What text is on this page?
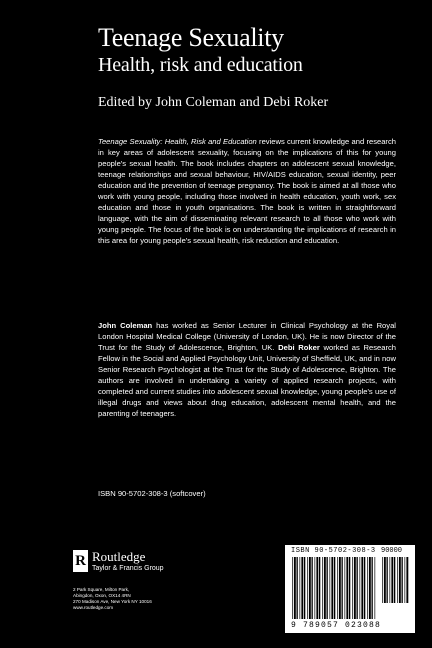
Teenage Sexuality
Health, risk and education
Edited by John Coleman and Debi Roker

Teenage Sexuality: Health, Risk and Education reviews current knowledge and research in key areas of adolescent sexuality, focusing on the implications of this for young people's sexual health. The book includes chapters on adolescent sexual knowledge, teenage relationships and sexual behaviour, HIV/AIDS education, sexual identity, peer education and the prevention of teenage pregnancy. The book is aimed at all those who work with young people, including those involved in health education, youth work, sex education and those in youth organisations. The book is written in straightforward language, with the aim of disseminating relevant research to all those who work with young people. The focus of the book is on understanding the implications of research in this area for young people's sexual health, risk reduction and education.

John Coleman has worked as Senior Lecturer in Clinical Psychology at the Royal London Hospital Medical College (University of London, UK). He is now Director of the Trust for the Study of Adolescence, Brighton, UK. Debi Roker worked as Research Fellow in the Social and Applied Psychology Unit, University of Sheffield, UK, and in now Senior Research Psychologist at the Trust for the Study of Adolescence, Brighton. The authors are involved in undertaking a variety of applied research projects, with completed and current studies into adolescent sexual knowledge, young people's use of illegal drugs and views about drug education, adolescent mental health, and the parenting of teenagers.

ISBN 90-5702-308-3 (softcover)
R Routledge
Taylor & Francis Group
2 Park Square, Milton Park,
Abingdon, Oxon, OX14 4RN
270 Madison Ave, New York NY 10016
www.routledge.com
ISBN 90-5702-308-3 90000
9 789057 023088
